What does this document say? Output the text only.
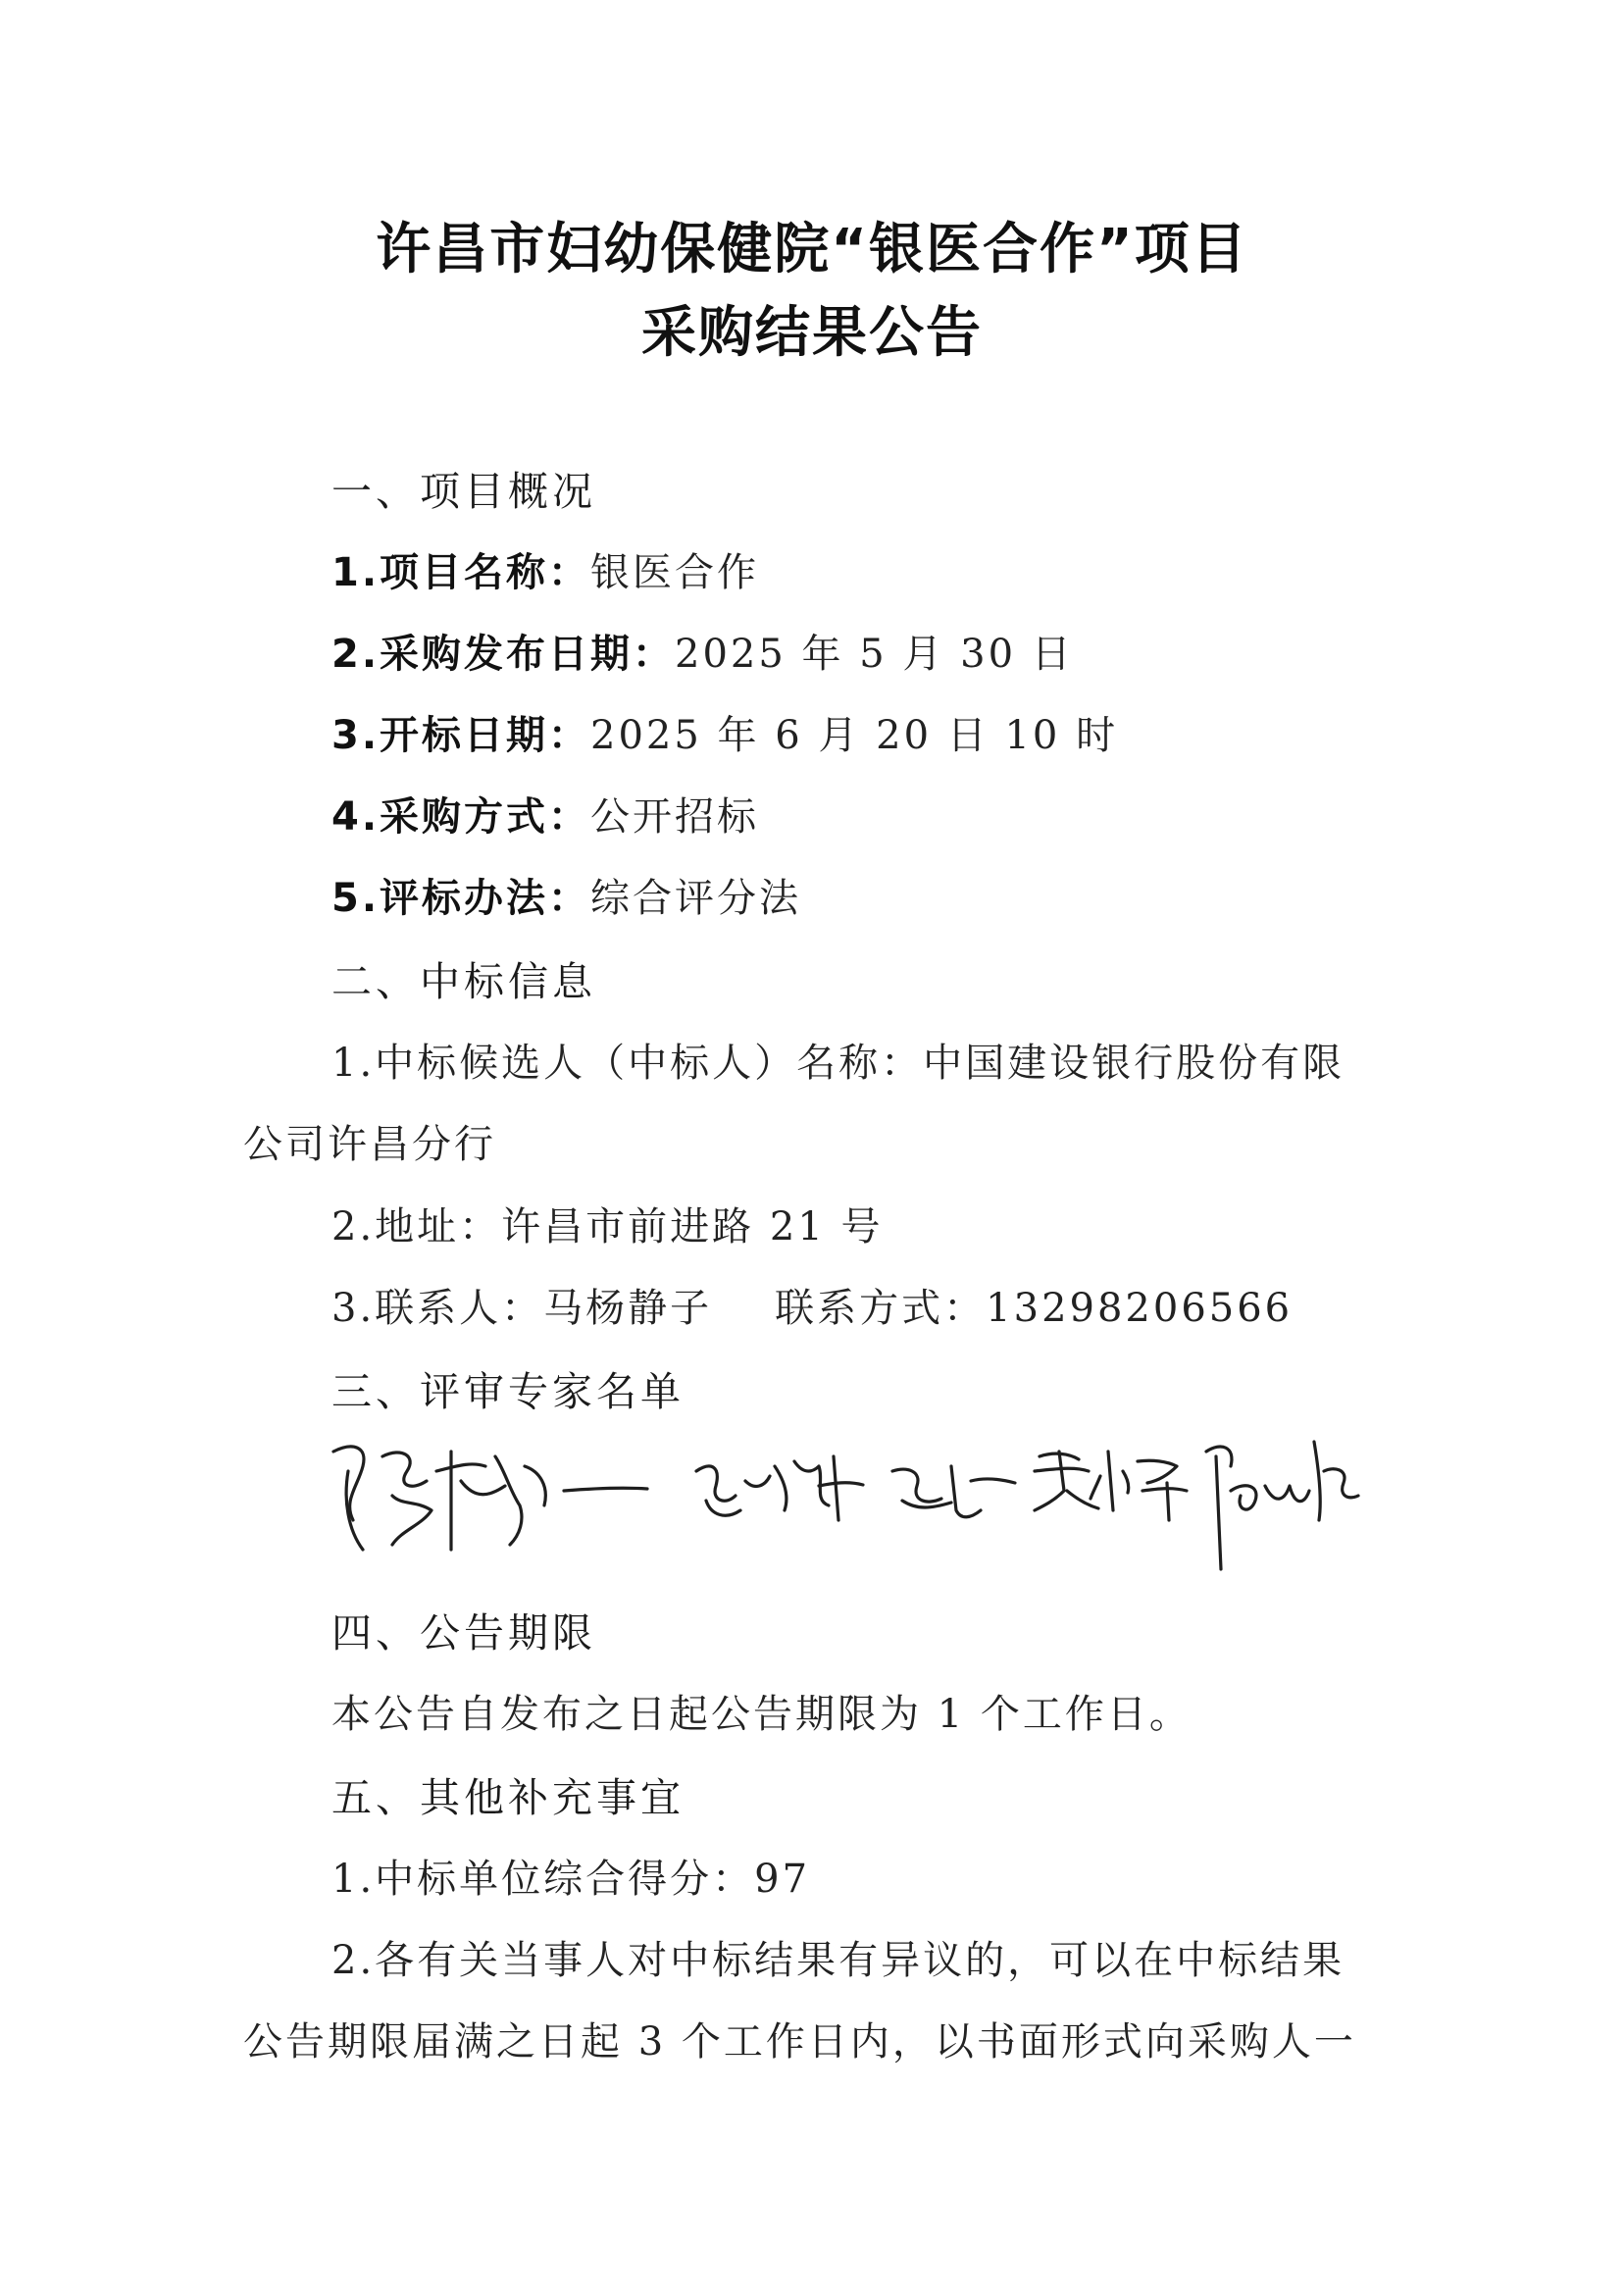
许昌市妇幼保健院“银医合作”项目
采购结果公告
一、项目概况
1.项目名称：银医合作
2.采购发布日期：2025 年 5 月 30 日
3.开标日期：2025 年 6 月 20 日 10 时
4.采购方式：公开招标
5.评标办法：综合评分法
二、中标信息
1.中标候选人（中标人）名称：中国建设银行股份有限
公司许昌分行
2.地址：许昌市前进路 21 号
3.联系人：马杨静子 联系方式：13298206566
三、评审专家名单
四、公告期限
本公告自发布之日起公告期限为 1 个工作日。
五、其他补充事宜
1.中标单位综合得分：97
2.各有关当事人对中标结果有异议的，可以在中标结果
公告期限届满之日起 3 个工作日内，以书面形式向采购人一
